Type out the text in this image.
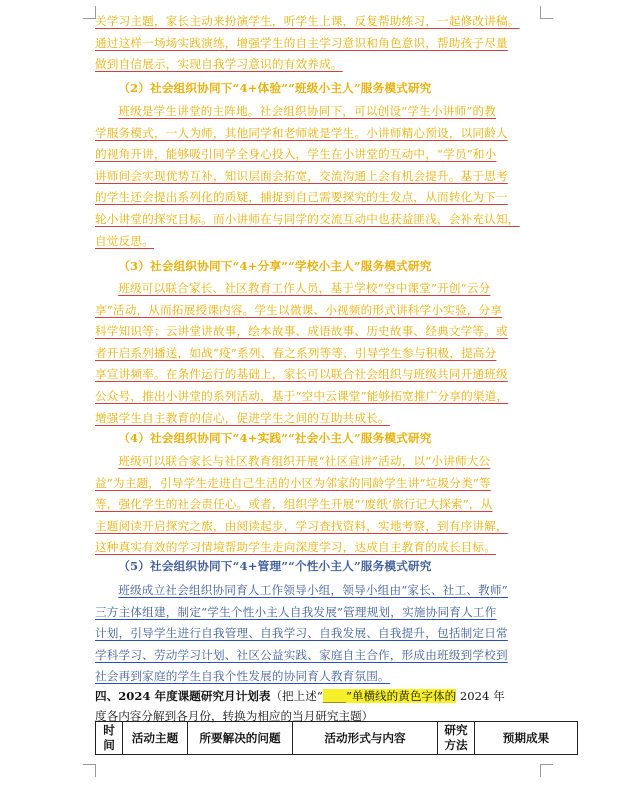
关学习主题，家长主动来扮演学生，听学生上课，反复帮助练习，一起修改讲稿。
通过这样一场场实践演练，增强学生的自主学习意识和角色意识，帮助孩子尽量
做到自信展示，实现自我学习意识的有效养成。
（2）社会组织协同下“4+体验”“班级小主人”服务模式研究
班级是学生讲堂的主阵地。社会组织协同下，可以创设“学生小讲师”的教
学服务模式，一人为师，其他同学和老师就是学生。小讲师精心预设，以同龄人
的视角开讲，能够吸引同学全身心投入，学生在小讲堂的互动中，“学员”和小
讲师间会实现优势互补，知识层面会拓宽，交流沟通上会有机会提升。基于思考
的学生还会提出系列化的质疑，捕捉到自己需要探究的生发点，从而转化为下一
轮小讲堂的探究目标。而小讲师在与同学的交流互动中也获益匪浅，会补充认知，
自觉反思。
（3）社会组织协同下“4+分享”“学校小主人”服务模式研究
班级可以联合家长、社区教育工作人员，基于学校“空中课堂”开创“云分
享”活动，从而拓展授课内容。学生以微课、小视频的形式讲科学小实验，分享
科学知识等；云讲堂讲故事，绘本故事、成语故事、历史故事、经典文学等。或
者开启系列播送，如战“疫”系列、春之系列等等，引导学生参与积极，提高分
享宣讲频率。在条件运行的基础上，家长可以联合社会组织与班级共同开通班级
公众号，推出小讲堂的系列活动，基于“空中云课堂”能够拓宽推广分享的渠道，
增强学生自主教育的信心，促进学生之间的互助共成长。
（4）社会组织协同下“4+实践”“社会小主人”服务模式研究
班级可以联合家长与社区教育组织开展“社区宣讲”活动，以“小讲师大公
益”为主题，引导学生走进自己生活的小区为邻家的同龄学生讲“垃圾分类”等
等，强化学生的社会责任心。或者，组织学生开展“‘废纸’旅行记大探索”，从
主题阅读开启探究之旅，由阅读起步，学习查找资料，实地考察，到有序讲解，
这种真实有效的学习情境帮助学生走向深度学习，达成自主教育的成长目标。
（5）社会组织协同下“4+管理”“个性小主人”服务模式研究
班级成立社会组织协同育人工作领导小组，领导小组由“家长、社工、教师”
三方主体组建，制定“学生个性小主人自我发展”管理规划，实施协同育人工作
计划，引导学生进行自我管理、自我学习、自我发展、自我提升，包括制定日常
学科学习、劳动学习计划、社区公益实践、家庭自主合作，形成由班级到学校到
社会再到家庭的学生自我个性发展的协同育人教育氛围。
四、2024 年度课题研究月计划表（把上述“____”单横线的黄色字体的 2024 年
度各内容分解到各月份，转换为相应的当月研究主题）
时间	活动主题	所要解决的问题	活动形式与内容	研究方法	预期成果
